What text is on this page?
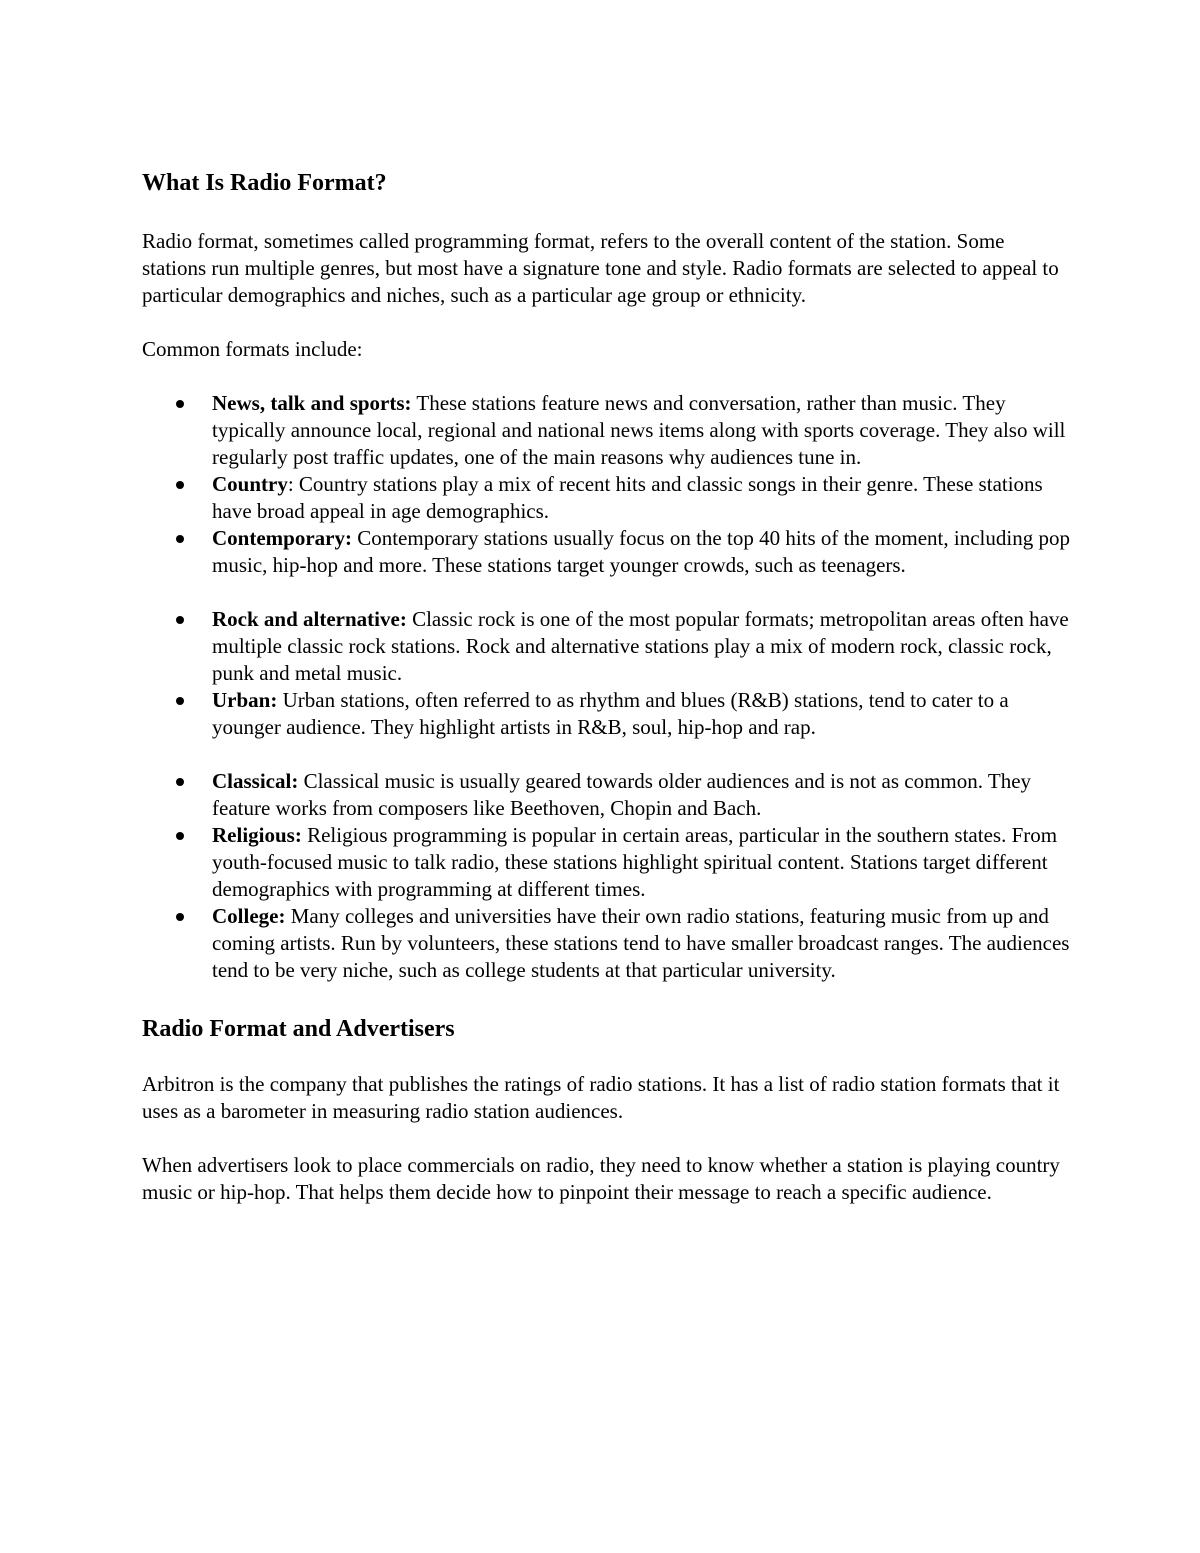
What Is Radio Format?

Radio format, sometimes called programming format, refers to the overall content of the station. Some stations run multiple genres, but most have a signature tone and style. Radio formats are selected to appeal to particular demographics and niches, such as a particular age group or ethnicity.

Common formats include:

News, talk and sports: These stations feature news and conversation, rather than music. They typically announce local, regional and national news items along with sports coverage. They also will regularly post traffic updates, one of the main reasons why audiences tune in.
Country: Country stations play a mix of recent hits and classic songs in their genre. These stations have broad appeal in age demographics.
Contemporary: Contemporary stations usually focus on the top 40 hits of the moment, including pop music, hip-hop and more. These stations target younger crowds, such as teenagers.
Rock and alternative: Classic rock is one of the most popular formats; metropolitan areas often have multiple classic rock stations. Rock and alternative stations play a mix of modern rock, classic rock, punk and metal music.
Urban: Urban stations, often referred to as rhythm and blues (R&B) stations, tend to cater to a younger audience. They highlight artists in R&B, soul, hip-hop and rap.
Classical: Classical music is usually geared towards older audiences and is not as common. They feature works from composers like Beethoven, Chopin and Bach.
Religious: Religious programming is popular in certain areas, particular in the southern states. From youth-focused music to talk radio, these stations highlight spiritual content. Stations target different demographics with programming at different times.
College: Many colleges and universities have their own radio stations, featuring music from up and coming artists. Run by volunteers, these stations tend to have smaller broadcast ranges. The audiences tend to be very niche, such as college students at that particular university.
Radio Format and Advertisers

Arbitron is the company that publishes the ratings of radio stations. It has a list of radio station formats that it uses as a barometer in measuring radio station audiences.

When advertisers look to place commercials on radio, they need to know whether a station is playing country music or hip-hop. That helps them decide how to pinpoint their message to reach a specific audience.
